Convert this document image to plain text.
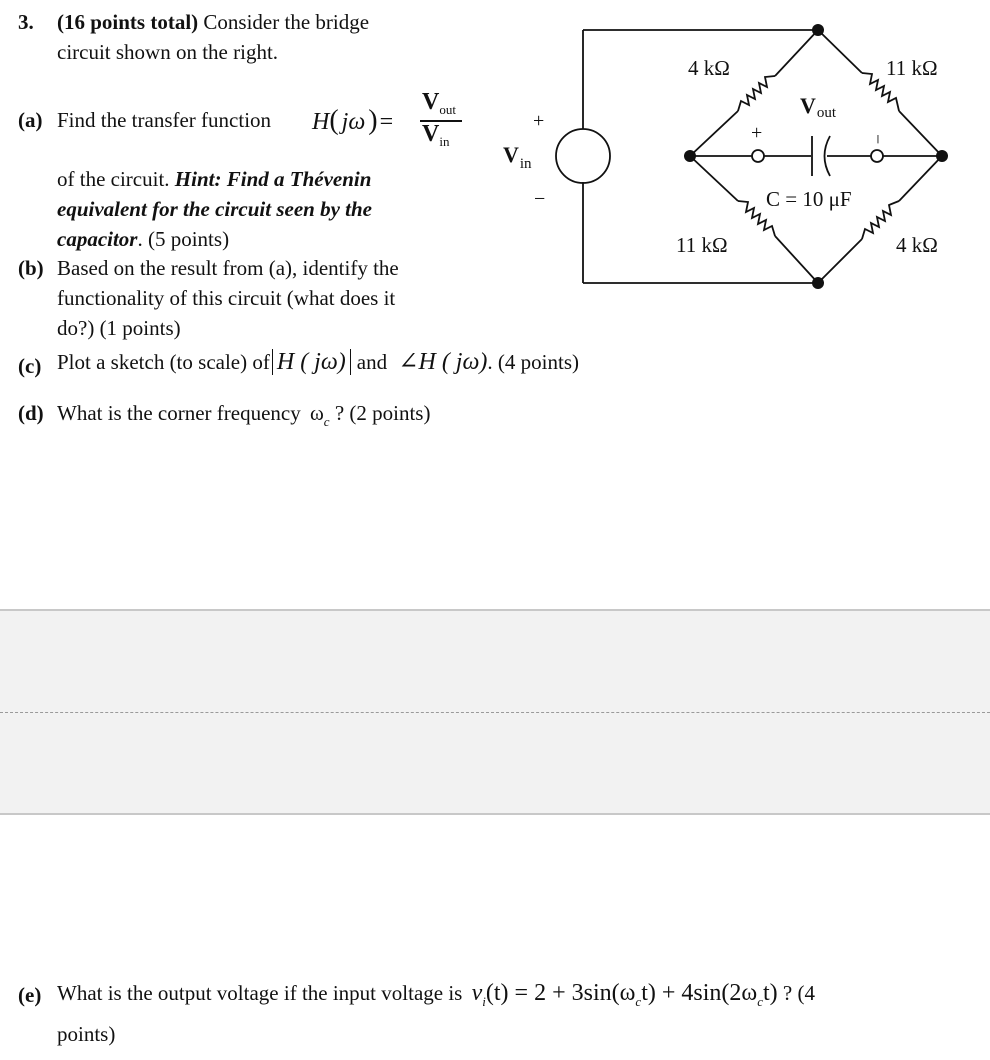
3. (16 points total) Consider the bridge
circuit shown on the right.
(a) Find the transfer function H( jω )=
$V_{out}$
$V_{in}$
of the circuit. Hint: Find a Thévenin
equivalent for the circuit seen by the
capacitor. (5 points)
(b) Based on the result from (a), identify the
functionality of this circuit (what does it
do?) (1 points)
(c) Plot a sketch (to scale) of H ( jω) and ∠H ( jω). (4 points)
(d) What is the corner frequency $\omega_c$ ? (2 points)
(e) What is the output voltage if the input voltage is $v_i(t) = 2 + 3\sin(\omega_ct) + 4\sin(2\omega_ct)$ ? (4
points)
4 kΩ	11 kΩ
11 kΩ	4 kΩ
Vout
+	−
+
−
$V_{in}$
C = 10 μF
